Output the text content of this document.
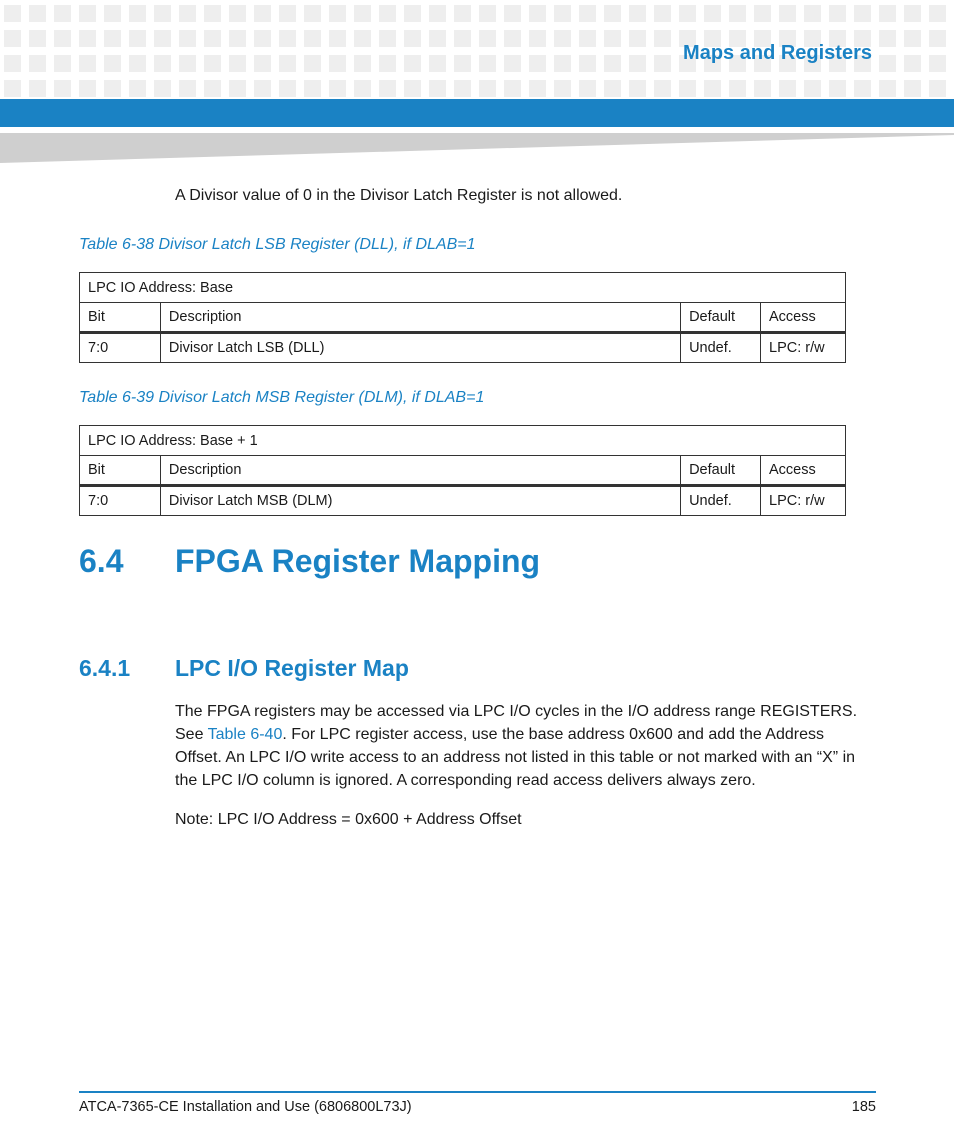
Maps and Registers
A Divisor value of 0 in the Divisor Latch Register is not allowed.
Table 6-38 Divisor Latch LSB Register (DLL), if DLAB=1
LPC IO Address: Base			
Bit	Description	Default	Access
7:0	Divisor Latch LSB (DLL)	Undef.	LPC: r/w
Table 6-39 Divisor Latch MSB Register (DLM), if DLAB=1
LPC IO Address: Base + 1			
Bit	Description	Default	Access
7:0	Divisor Latch MSB (DLM)	Undef.	LPC: r/w
6.4 FPGA Register Mapping
6.4.1 LPC I/O Register Map
The FPGA registers may be accessed via LPC I/O cycles in the I/O address range REGISTERS. See Table 6-40. For LPC register access, use the base address 0x600 and add the Address Offset. An LPC I/O write access to an address not listed in this table or not marked with an “X” in the LPC I/O column is ignored. A corresponding read access delivers always zero.
Note: LPC I/O Address = 0x600 + Address Offset
ATCA-7365-CE Installation and Use (6806800L73J)	185
